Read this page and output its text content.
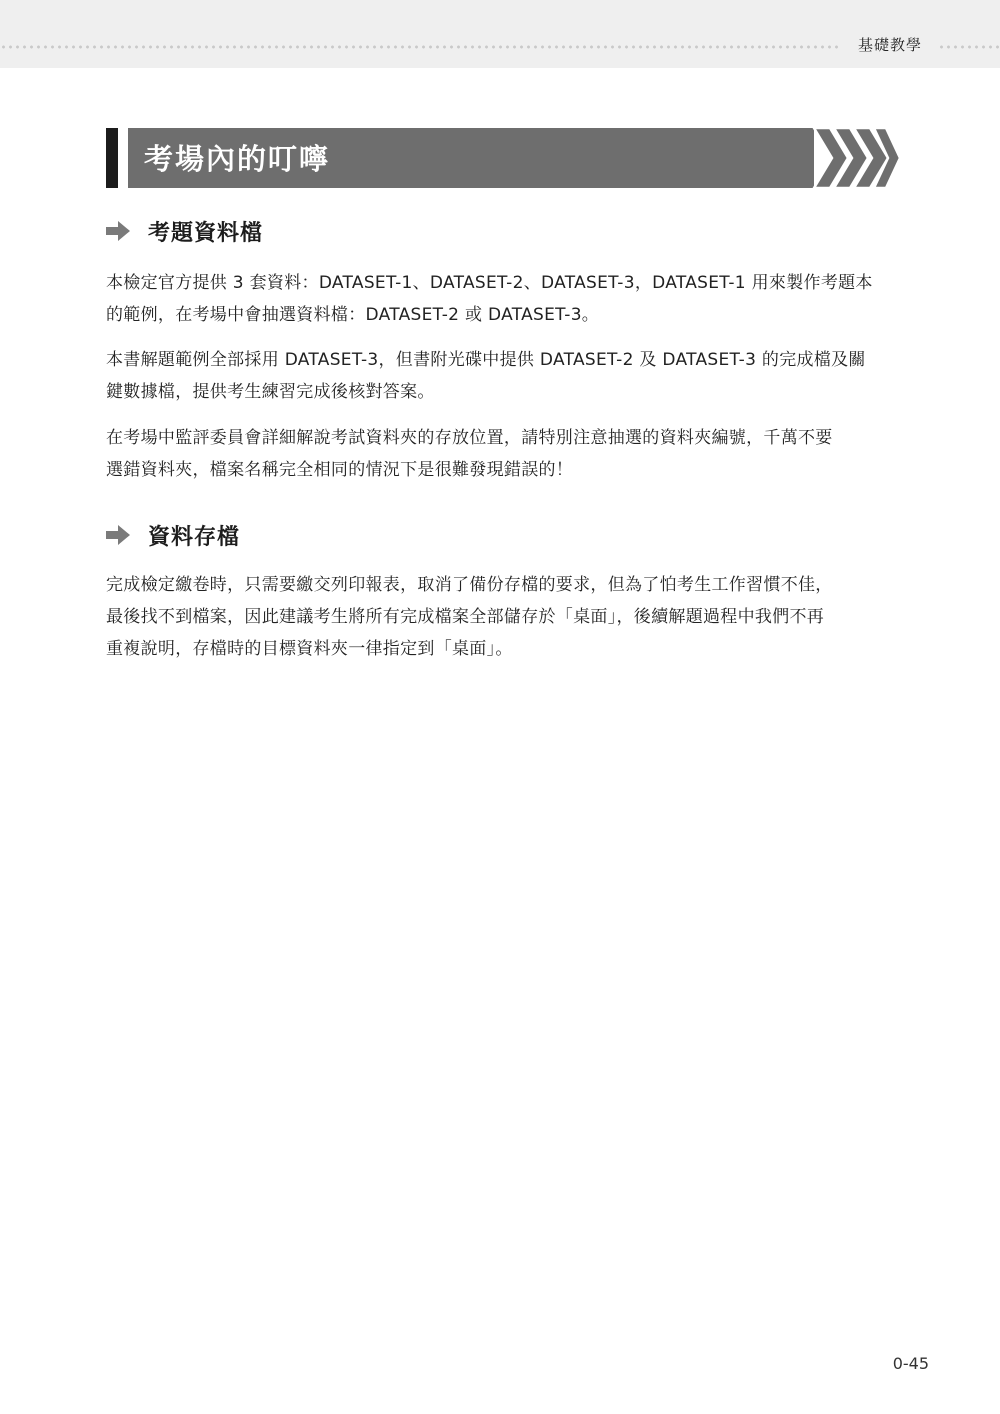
基礎教學
考場內的叮嚀
考題資料檔

本檢定官方提供 3 套資料：DATASET-1、DATASET-2、DATASET-3，DATASET-1 用來製作考題本
的範例，在考場中會抽選資料檔：DATASET-2 或 DATASET-3。

本書解題範例全部採用 DATASET-3，但書附光碟中提供 DATASET-2 及 DATASET-3 的完成檔及關
鍵數據檔，提供考生練習完成後核對答案。

在考場中監評委員會詳細解說考試資料夾的存放位置，請特別注意抽選的資料夾編號，千萬不要
選錯資料夾，檔案名稱完全相同的情況下是很難發現錯誤的！

資料存檔

完成檢定繳卷時，只需要繳交列印報表，取消了備份存檔的要求，但為了怕考生工作習慣不佳，
最後找不到檔案，因此建議考生將所有完成檔案全部儲存於「桌面」，後續解題過程中我們不再
重複說明，存檔時的目標資料夾一律指定到「桌面」。

0-45
